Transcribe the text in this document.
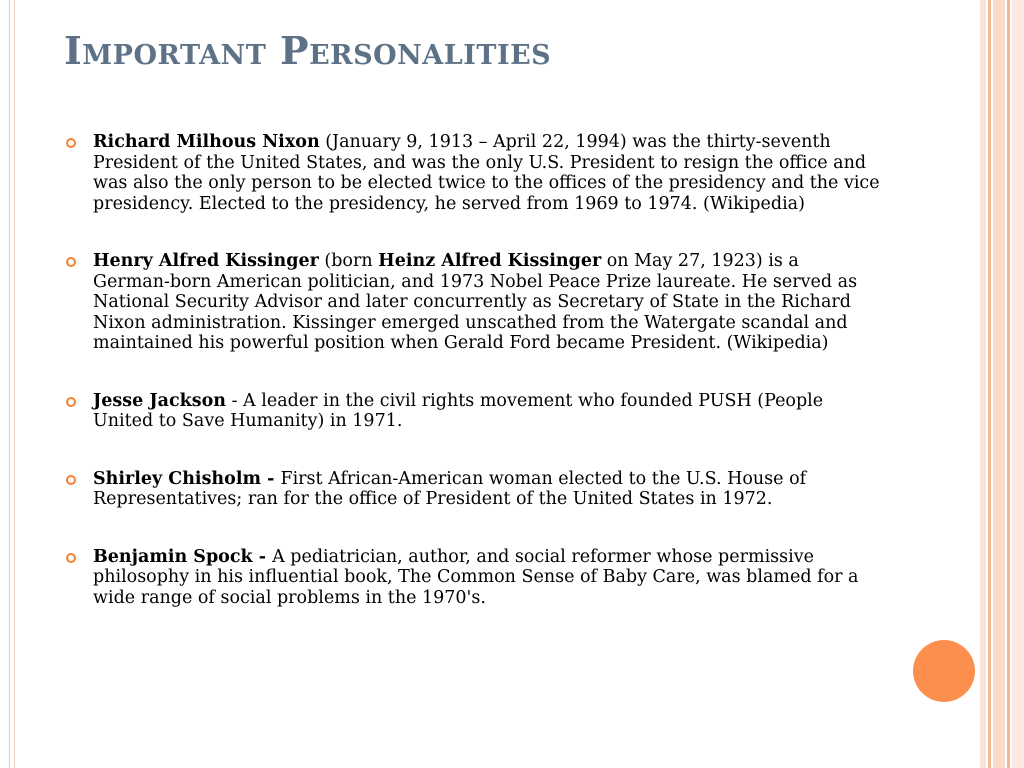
Important Personalities
Richard Milhous Nixon (January 9, 1913 – April 22, 1994) was the thirty-seventh President of the United States, and was the only U.S. President to resign the office and was also the only person to be elected twice to the offices of the presidency and the vice presidency. Elected to the presidency, he served from 1969 to 1974. (Wikipedia)
Henry Alfred Kissinger (born Heinz Alfred Kissinger on May 27, 1923) is a German-born American politician, and 1973 Nobel Peace Prize laureate. He served as National Security Advisor and later concurrently as Secretary of State in the Richard Nixon administration. Kissinger emerged unscathed from the Watergate scandal and maintained his powerful position when Gerald Ford became President. (Wikipedia)
Jesse Jackson - A leader in the civil rights movement who founded PUSH (People United to Save Humanity) in 1971.
Shirley Chisholm - First African-American woman elected to the U.S. House of Representatives; ran for the office of President of the United States in 1972.
Benjamin Spock - A pediatrician, author, and social reformer whose permissive philosophy in his influential book, The Common Sense of Baby Care, was blamed for a wide range of social problems in the 1970's.
